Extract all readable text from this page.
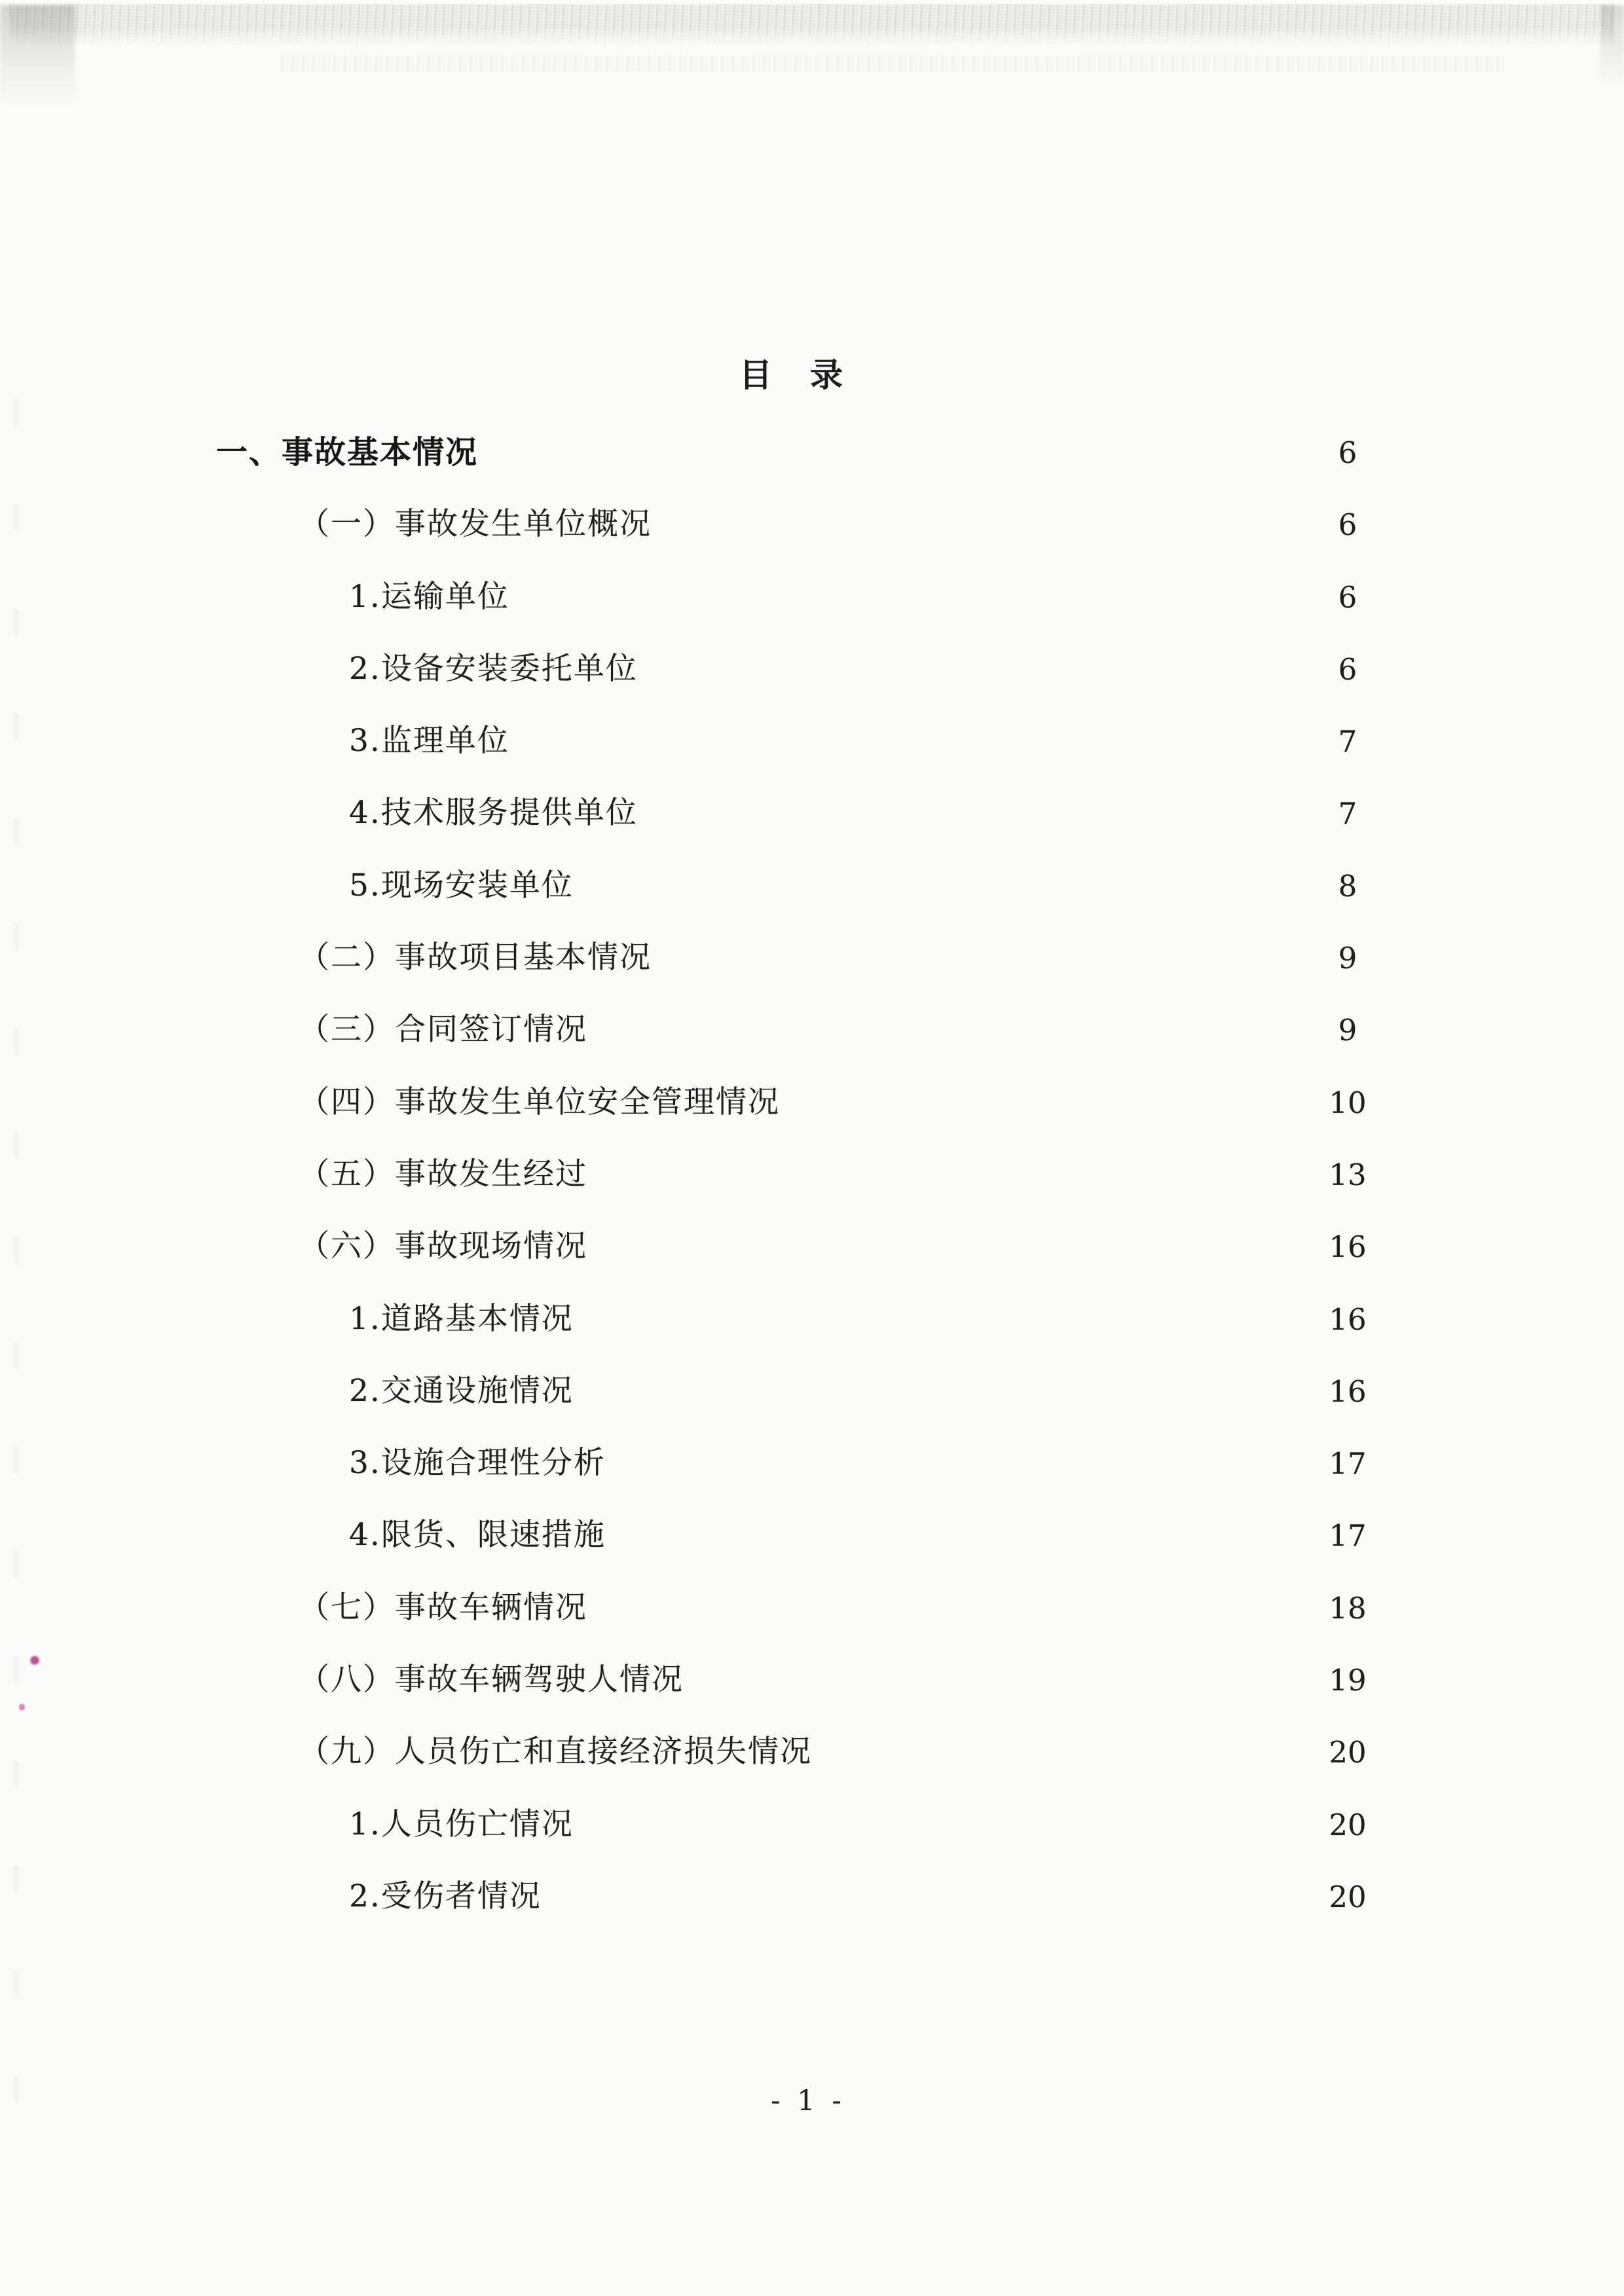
目　录
一、事故基本情况	6
（一）事故发生单位概况	6
1.运输单位	6
2.设备安装委托单位	6
3.监理单位	7
4.技术服务提供单位	7
5.现场安装单位	8
（二）事故项目基本情况	9
（三）合同签订情况	9
（四）事故发生单位安全管理情况	10
（五）事故发生经过	13
（六）事故现场情况	16
1.道路基本情况	16
2.交通设施情况	16
3.设施合理性分析	17
4.限货、限速措施	17
（七）事故车辆情况	18
（八）事故车辆驾驶人情况	19
（九）人员伤亡和直接经济损失情况	20
1.人员伤亡情况	20
2.受伤者情况	20
- 1 -
